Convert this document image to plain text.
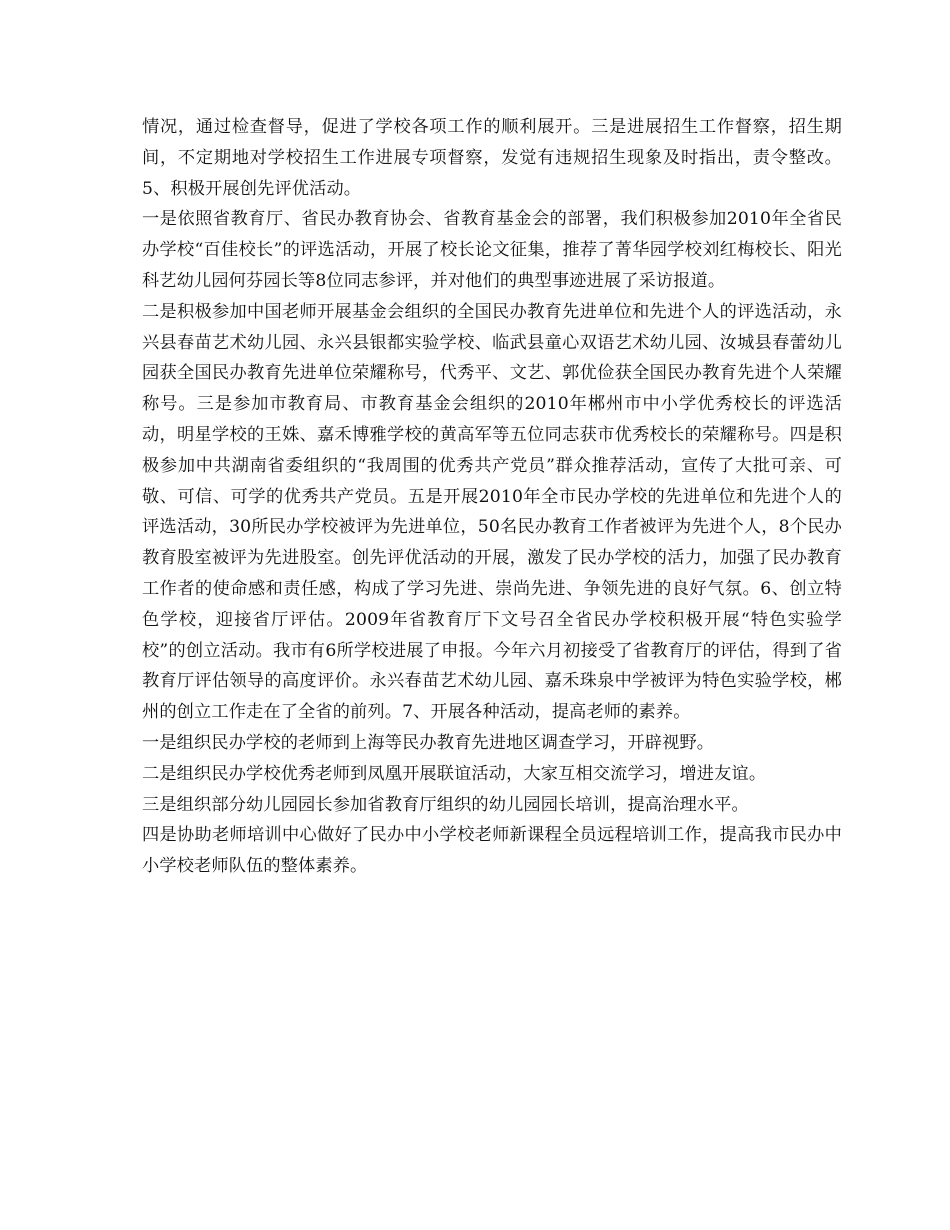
情况，通过检查督导，促进了学校各项工作的顺利展开。三是进展招生工作督察，招生期间，不定期地对学校招生工作进展专项督察，发觉有违规招生现象及时指出，责令整改。5、积极开展创先评优活动。

一是依照省教育厅、省民办教育协会、省教育基金会的部署，我们积极参加2010年全省民办学校“百佳校长”的评选活动，开展了校长论文征集，推荐了菁华园学校刘红梅校长、阳光科艺幼儿园何芬园长等8位同志参评，并对他们的典型事迹进展了采访报道。

二是积极参加中国老师开展基金会组织的全国民办教育先进单位和先进个人的评选活动，永兴县春苗艺术幼儿园、永兴县银都实验学校、临武县童心双语艺术幼儿园、汝城县春蕾幼儿园获全国民办教育先进单位荣耀称号，代秀平、文艺、郭优俭获全国民办教育先进个人荣耀称号。三是参加市教育局、市教育基金会组织的2010年郴州市中小学优秀校长的评选活动，明星学校的王姝、嘉禾博雅学校的黄高军等五位同志获市优秀校长的荣耀称号。四是积极参加中共湖南省委组织的“我周围的优秀共产党员”群众推荐活动，宣传了大批可亲、可敬、可信、可学的优秀共产党员。五是开展2010年全市民办学校的先进单位和先进个人的评选活动，30所民办学校被评为先进单位，50名民办教育工作者被评为先进个人，8个民办教育股室被评为先进股室。创先评优活动的开展，激发了民办学校的活力，加强了民办教育工作者的使命感和责任感，构成了学习先进、崇尚先进、争领先进的良好气氛。6、创立特色学校，迎接省厅评估。2009年省教育厅下文号召全省民办学校积极开展“特色实验学校”的创立活动。我市有6所学校进展了申报。今年六月初接受了省教育厅的评估，得到了省教育厅评估领导的高度评价。永兴春苗艺术幼儿园、嘉禾珠泉中学被评为特色实验学校，郴州的创立工作走在了全省的前列。7、开展各种活动，提高老师的素养。

一是组织民办学校的老师到上海等民办教育先进地区调查学习，开辟视野。

二是组织民办学校优秀老师到凤凰开展联谊活动，大家互相交流学习，增进友谊。

三是组织部分幼儿园园长参加省教育厅组织的幼儿园园长培训，提高治理水平。

四是协助老师培训中心做好了民办中小学校老师新课程全员远程培训工作，提高我市民办中小学校老师队伍的整体素养。
